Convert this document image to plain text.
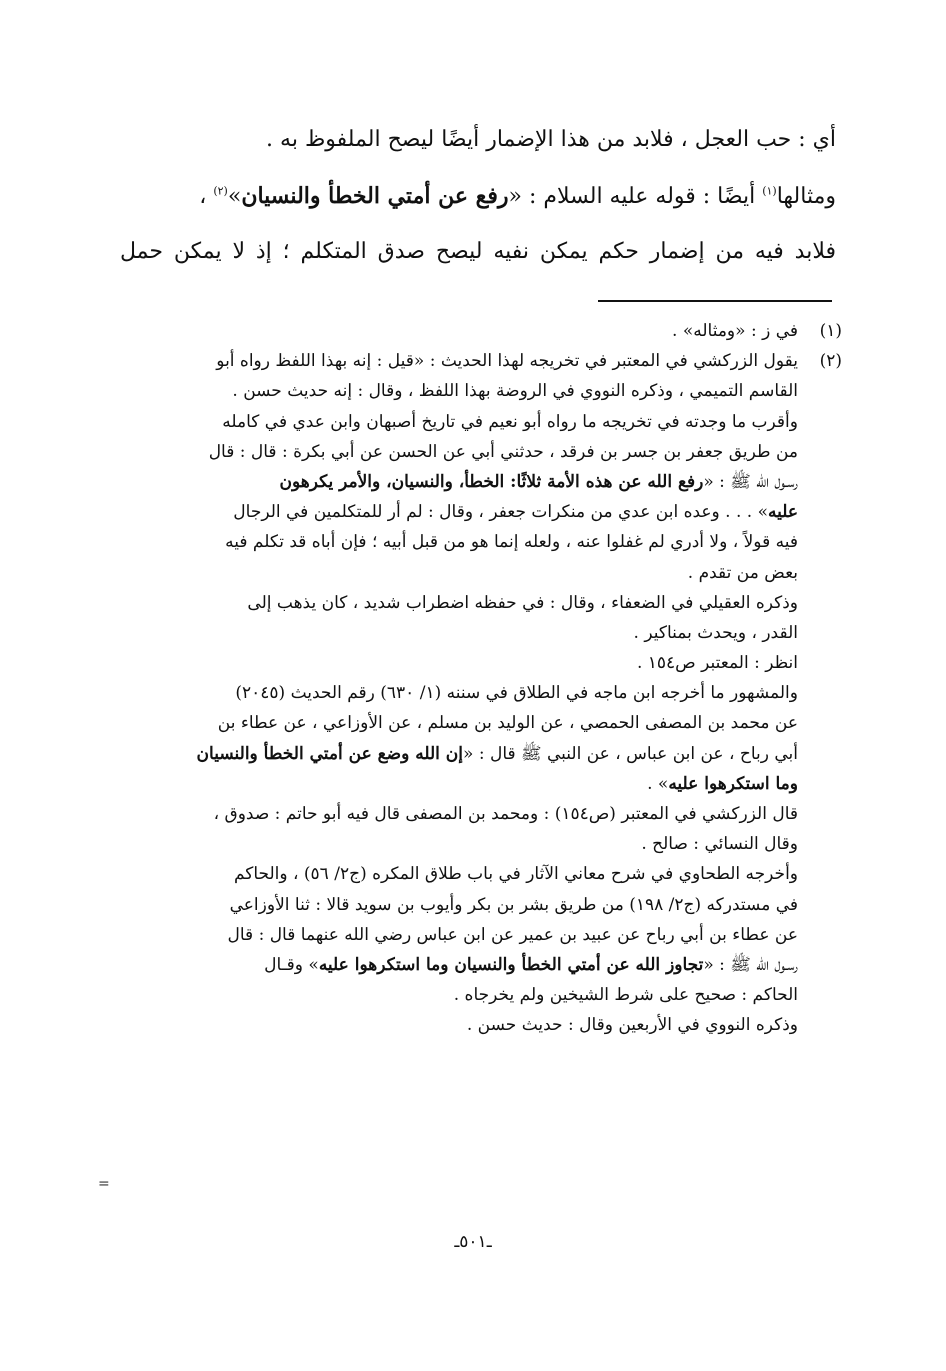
أي : حب العجل ، فلابد من هذا الإضمار أيضًا ليصح الملفوظ به .
ومثالها$^{(١)}$ أيضًا : قوله عليه السلام : «رفع عن أمتي الخطأ والنسيان»$^{(٢)}$ ،
فلابد فيه من إضمار حكم يمكن نفيه ليصح صدق المتكلم ؛ إذ لا يمكن حمل
(١)في ز : «ومثاله» .
(٢)يقول الزركشي في المعتبر في تخريجه لهذا الحديث : «قيل : إنه بهذا اللفظ رواه أبو
القاسم التميمي ، وذكره النووي في الروضة بهذا اللفظ ، وقال : إنه حديث حسن .
وأقرب ما وجدته في تخريجه ما رواه أبو نعيم في تاريخ أصبهان وابن عدي في كامله
من طريق جعفر بن جسر بن فرقد ، حدثني أبي عن الحسن عن أبي بكرة : قال : قال
رسـول الله ﷺ : «رفع الله عن هذه الأمة ثلاثًا: الخطأ، والنسيان، والأمر يكرهون
عليه» . . . وعده ابن عدي من منكرات جعفر ، وقال : لم أر للمتكلمين في الرجال
فيه قولاً ، ولا أدري لم غفلوا عنه ، ولعله إنما هو من قبل أبيه ؛ فإن أباه قد تكلم فيه
بعض من تقدم .
وذكره العقيلي في الضعفاء ، وقال : في حفظه اضطراب شديد ، كان يذهب إلى
القدر ، ويحدث بمناكير .
انظر : المعتبر ص١٥٤ .
والمشهور ما أخرجه ابن ماجه في الطلاق في سننه (١/ ٦٣٠) رقم الحديث (٢٠٤٥)
عن محمد بن المصفى الحمصي ، عن الوليد بن مسلم ، عن الأوزاعي ، عن عطاء بن
أبي رباح ، عن ابن عباس ، عن النبي ﷺ قال : «إن الله وضع عن أمتي الخطأ والنسيان
وما استكرهوا عليه» .
قال الزركشي في المعتبر (ص١٥٤) : ومحمد بن المصفى قال فيه أبو حاتم : صدوق ،
وقال النسائي : صالح .
وأخرجه الطحاوي في شرح معاني الآثار في باب طلاق المكره (ج٢/ ٥٦) ، والحاكم
في مستدركه (ج٢/ ١٩٨) من طريق بشر بن بكر وأيوب بن سويد قالا : ثنا الأوزاعي
عن عطاء بن أبي رباح عن عبيد بن عمير عن ابن عباس رضي الله عنهما قال : قال
رسـول الله ﷺ : «تجاوز الله عن أمتي الخطأ والنسيان وما استكرهوا عليه» وقـال
الحاكم : صحيح على شرط الشيخين ولم يخرجاه .
وذكره النووي في الأربعين وقال : حديث حسن .
=
ـ٥٠١ـ
